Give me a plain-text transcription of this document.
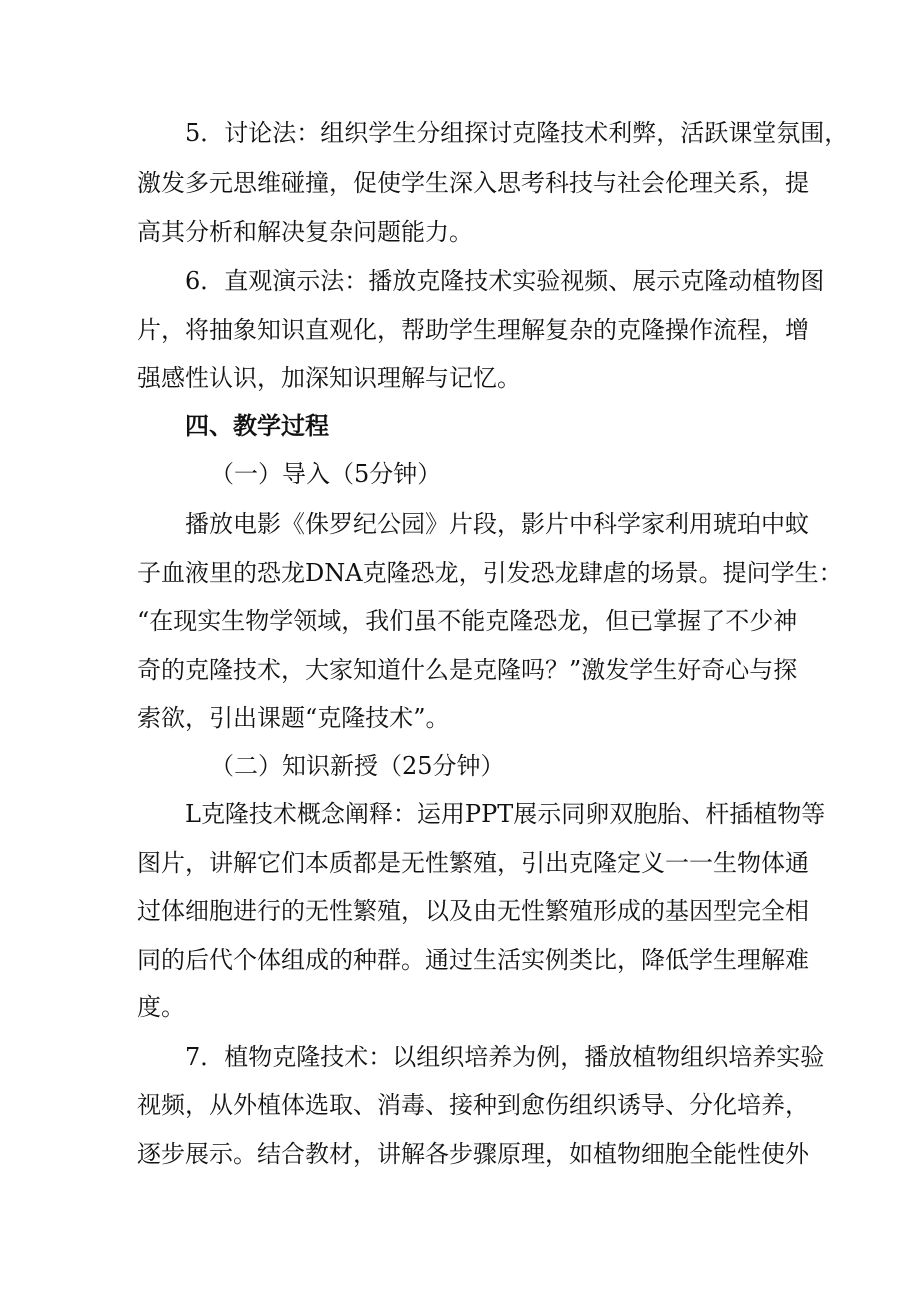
5．讨论法：组织学生分组探讨克隆技术利弊，活跃课堂氛围，
激发多元思维碰撞，促使学生深入思考科技与社会伦理关系，提
高其分析和解决复杂问题能力。
6．直观演示法：播放克隆技术实验视频、展示克隆动植物图
片，将抽象知识直观化，帮助学生理解复杂的克隆操作流程，增
强感性认识，加深知识理解与记忆。
四、教学过程
（一）导入（5分钟）
播放电影《侏罗纪公园》片段，影片中科学家利用琥珀中蚊
子血液里的恐龙DNA克隆恐龙，引发恐龙肆虐的场景。提问学生：
“在现实生物学领域，我们虽不能克隆恐龙，但已掌握了不少神
奇的克隆技术，大家知道什么是克隆吗？”激发学生好奇心与探
索欲，引出课题“克隆技术”。
（二）知识新授（25分钟）
L克隆技术概念阐释：运用PPT展示同卵双胞胎、杆插植物等
图片，讲解它们本质都是无性繁殖，引出克隆定义一一生物体通
过体细胞进行的无性繁殖，以及由无性繁殖形成的基因型完全相
同的后代个体组成的种群。通过生活实例类比，降低学生理解难
度。
7．植物克隆技术：以组织培养为例，播放植物组织培养实验
视频，从外植体选取、消毒、接种到愈伤组织诱导、分化培养，
逐步展示。结合教材，讲解各步骤原理，如植物细胞全能性使外
